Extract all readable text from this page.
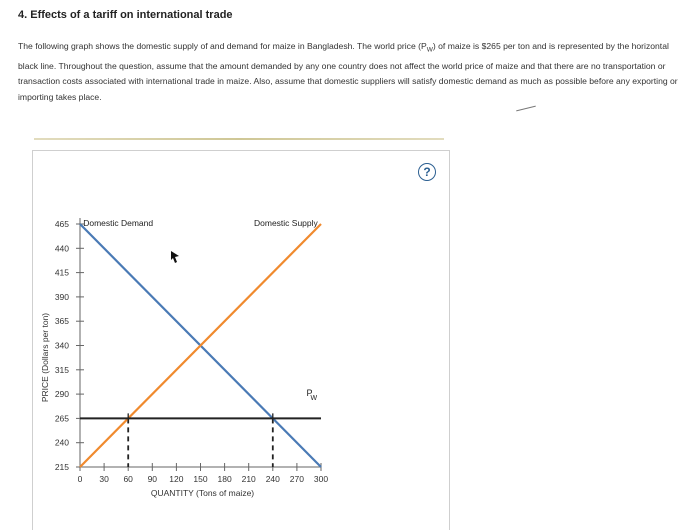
4. Effects of a tariff on international trade
The following graph shows the domestic supply of and demand for maize in Bangladesh. The world price $(P_W)$ of maize is $265 per ton and is represented by the horizontal black line. Throughout the question, assume that the amount demanded by any one country does not affect the world price of maize and that there are no transportation or transaction costs associated with international trade in maize. Also, assume that domestic suppliers will satisfy domestic demand as much as possible before any exporting or importing takes place.
?
215
240
265
290
315
340
365
390
415
440
465
0 30 60 90 120 150 180 210 240 270 300
QUANTITY (Tons of maize)
PRICE (Dollars per ton)
Domestic Demand	Domestic Supply
P
W
